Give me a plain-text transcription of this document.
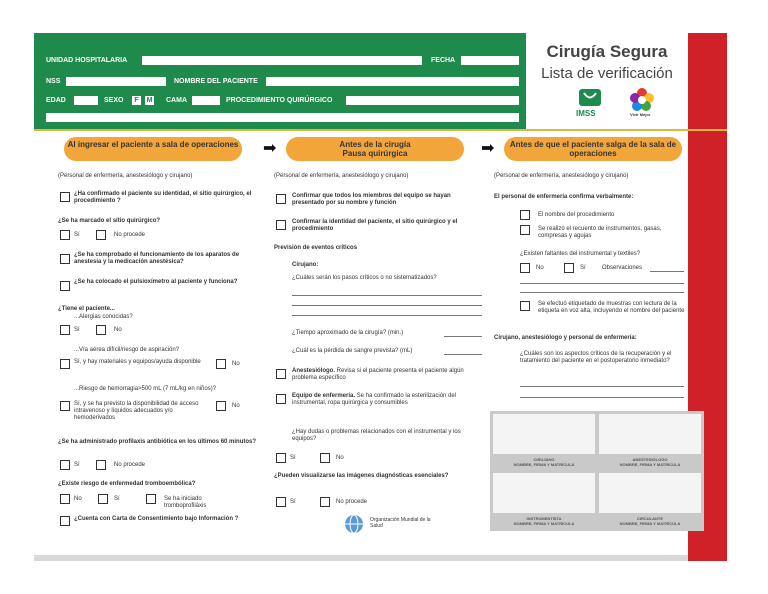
UNIDAD HOSPITALARIA	FECHA
NSS	NOMBRE DEL PACIENTE
EDAD	SEXO	F	M CAMA	PROCEDIMIENTO QUIRÚRGICO
Cirugía Segura
Lista de verificación
IMSS	Vivir Mejor
Al ingresar el paciente a sala de operaciones ➡	Antes de la cirugía
Pausa quirúrgica	➡	Antes de que el paciente salga de la sala de operaciones
(Personal de enfermería, anestesiólogo y cirujano)
¿Ha confirmado el paciente su identidad, el sitio quirúrgico, el procedimiento ?
¿Se ha marcado el sitio quirúrgico?
Sí	No procede
¿Se ha comprobado el funcionamiento de los aparatos de anestesia y la medicación anestésica?
¿Se ha colocado el pulsioxímetro al paciente y funciona?
¿Tiene el paciente...
...Alergias conocidas?
Sí	No
...Vía aérea difícil/riesgo de aspiración?
Sí, y hay materiales y equipos/ayuda disponible	No
...Riesgo de hemorragia>500 mL (7 mL/kg en niños)?
Sí, y se ha previsto la disponibilidad de acceso intravenoso y líquidos adecuados y/o hemoderivados
No
¿Se ha administrado profilaxis antibiótica en los últimos 60 minutos?
Sí	No procede
¿Existe riesgo de enfermedad tromboembólica?
No	Sí	Se ha iniciado tromboprofiláxis
¿Cuenta con Carta de Consentimiento bajo Información ?
(Personal de enfermería, anestesiólogo y cirujano)
Confirmar que todos los miembros del equipo se hayan presentado por su nombre y función
Confirmar la identidad del paciente, el sitio quirúrgico y el procedimiento
Previsión de eventos críticos
Cirujano:
¿Cuáles serán los pasos críticos o no sistematizados?
¿Tiempo aproximado de la cirugía? (min.)
¿Cuál es la pérdida de sangre prevista? (mL)
Anestesiólogo. Revisa si el paciente presenta el paciente algún problema específico
Equipo de enfermería. Se ha confirmado la esterilización del instrumental, ropa quirúrgica y consumibles
¿Hay dudas o problemas relacionados con el instrumental y los equipos?
Sí	No
¿Pueden visualizarse las imágenes diagnósticas esenciales?
Sí	No procede
Organización Mundial de la Salud
(Personal de enfermería, anestesiólogo y cirujano)
El personal de enfermería confirma verbalmente:
El nombre del procedimiento
Se realizó el recuento de instrumentos, gasas, compresas y agujas
¿Existen faltantes del instrumental y textiles?
No	Sí	Observaciones
Se efectuó etiquetado de muestras con lectura de la etiqueta en voz alta, incluyendo el nombre del paciente
Cirujano, anestesiólogo y personal de enfermería:
¿Cuáles son los aspectos críticos de la recuperación y el tratamiento del paciente en el postoperatorio inmediato?
CIRUJANO
NOMBRE, FIRMA Y MATRÍCULA
ANESTESIÓLOGO
NOMBRE, FIRMA Y MATRÍCULA
INSTRUMENTISTA
NOMBRE, FIRMA Y MATRÍCULA
CIRCULANTE
NOMBRE, FIRMA Y MATRÍCULA
